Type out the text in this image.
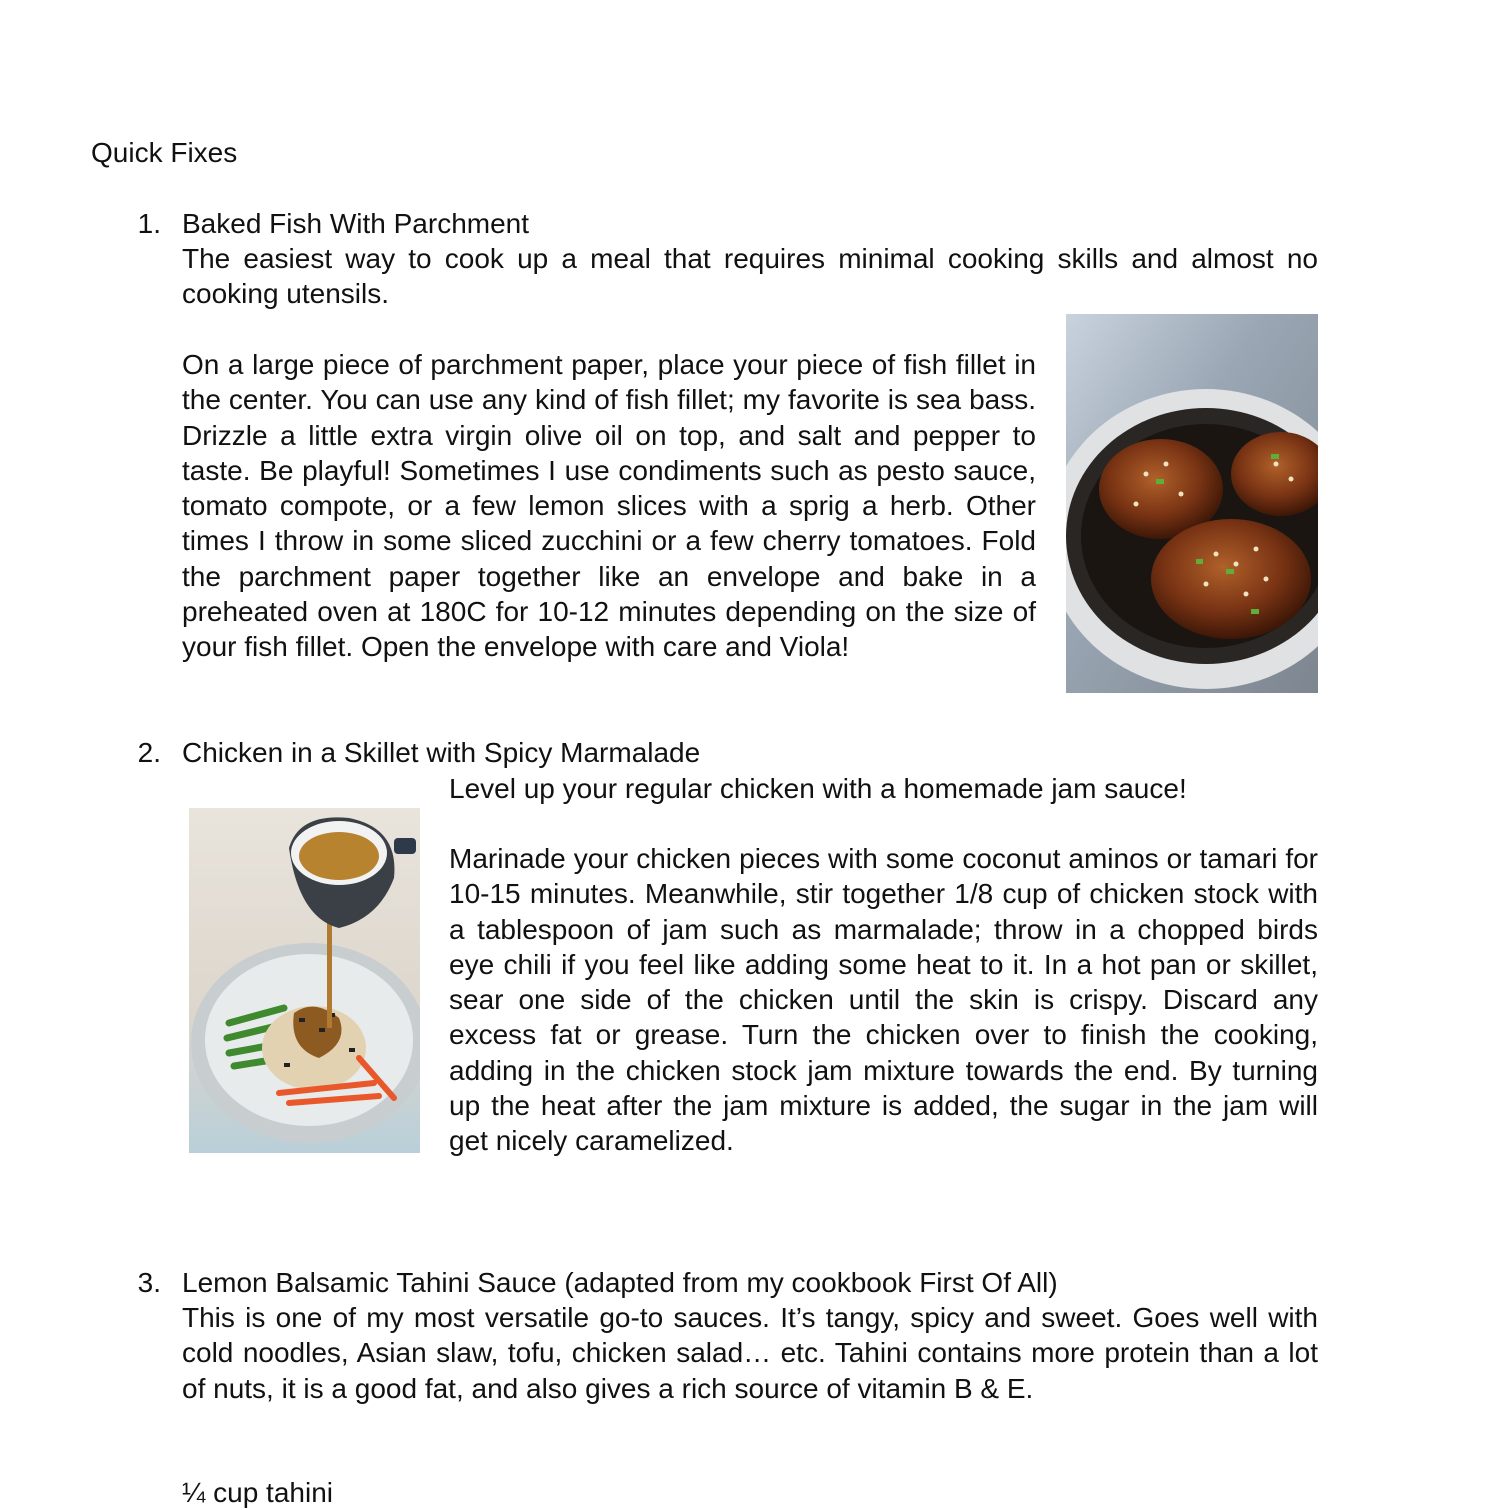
Quick Fixes
1. Baked Fish With Parchment

The easiest way to cook up a meal that requires minimal cooking skills and almost no cooking utensils.

On a large piece of parchment paper, place your piece of fish fillet in the center. You can use any kind of fish fillet; my favorite is sea bass. Drizzle a little extra virgin olive oil on top, and salt and pepper to taste. Be playful! Sometimes I use condiments such as pesto sauce, tomato compote, or a few lemon slices with a sprig a herb. Other times I throw in some sliced zucchini or a few cherry tomatoes. Fold the parchment paper together like an envelope and bake in a preheated oven at 180C for 10-12 minutes depending on the size of your fish fillet. Open the envelope with care and Viola!

2. Chicken in a Skillet with Spicy Marmalade

Level up your regular chicken with a homemade jam sauce!

Marinade your chicken pieces with some coconut aminos or tamari for 10-15 minutes. Meanwhile, stir together 1/8 cup of chicken stock with a tablespoon of jam such as marmalade; throw in a chopped birds eye chili if you feel like adding some heat to it. In a hot pan or skillet, sear one side of the chicken until the skin is crispy. Discard any excess fat or grease. Turn the chicken over to finish the cooking, adding in the chicken stock jam mixture towards the end. By turning up the heat after the jam mixture is added, the sugar in the jam will get nicely caramelized.

3. Lemon Balsamic Tahini Sauce (adapted from my cookbook First Of All)

This is one of my most versatile go-to sauces. It’s tangy, spicy and sweet. Goes well with cold noodles, Asian slaw, tofu, chicken salad… etc. Tahini contains more protein than a lot of nuts, it is a good fat, and also gives a rich source of vitamin B & E.

¼ cup tahini
